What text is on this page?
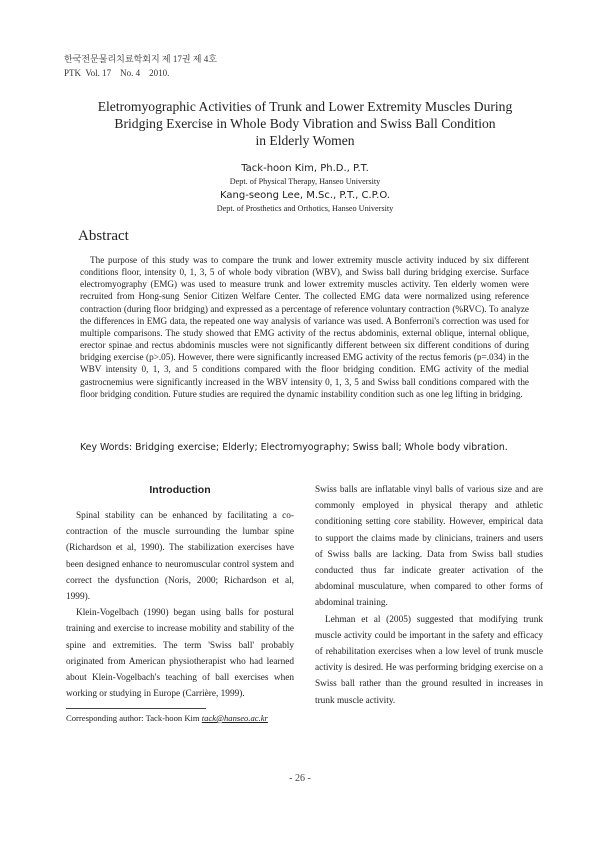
한국전문물리치료학회지 제 17권 제 4호
PTK  Vol. 17    No. 4    2010.
Eletromyographic Activities of Trunk and Lower Extremity Muscles During
Bridging Exercise in Whole Body Vibration and Swiss Ball Condition
in Elderly Women
Tack-hoon Kim, Ph.D., P.T.
Dept. of Physical Therapy, Hanseo University
Kang-seong Lee, M.Sc., P.T., C.P.O.
Dept. of Prosthetics and Orthotics, Hanseo University
Abstract

The purpose of this study was to compare the trunk and lower extremity muscle activity induced by six different conditions floor, intensity 0, 1, 3, 5 of whole body vibration (WBV), and Swiss ball during bridging exercise. Surface electromyography (EMG) was used to measure trunk and lower extremity muscles activity. Ten elderly women were recruited from Hong-sung Senior Citizen Welfare Center. The collected EMG data were normalized using reference contraction (during floor bridging) and expressed as a percentage of reference voluntary contraction (%RVC). To analyze the differences in EMG data, the repeated one way analysis of variance was used. A Bonferroni's correction was used for multiple comparisons. The study showed that EMG activity of the rectus abdominis, external oblique, internal oblique, erector spinae and rectus abdominis muscles were not significantly different between six different conditions of during bridging exercise (p>.05). However, there were significantly increased EMG activity of the rectus femoris (p=.034) in the WBV intensity 0, 1, 3, and 5 conditions compared with the floor bridging condition. EMG activity of the medial gastrocnemius were significantly increased in the WBV intensity 0, 1, 3, 5 and Swiss ball conditions compared with the floor bridging condition. Future studies are required the dynamic instability condition such as one leg lifting in bridging.

Key Words: Bridging exercise; Elderly; Electromyography; Swiss ball; Whole body vibration.
Introduction

Spinal stability can be enhanced by facilitating a co-contraction of the muscle surrounding the lumbar spine (Richardson et al, 1990). The stabilization exercises have been designed enhance to neuromuscular control system and correct the dysfunction (Noris, 2000; Richardson et al, 1999).

Klein-Vogelbach (1990) began using balls for postural training and exercise to increase mobility and stability of the spine and extremities. The term 'Swiss ball' probably originated from American physiotherapist who had learned about Klein-Vogelbach's teaching of ball exercises when working or studying in Europe (Carrière, 1999).

Swiss balls are inflatable vinyl balls of various size and are commonly employed in physical therapy and athletic conditioning setting core stability. However, empirical data to support the claims made by clinicians, trainers and users of Swiss balls are lacking. Data from Swiss ball studies conducted thus far indicate greater activation of the abdominal musculature, when compared to other forms of abdominal training.

Lehman et al (2005) suggested that modifying trunk muscle activity could be important in the safety and efficacy of rehabilitation exercises when a low level of trunk muscle activity is desired. He was performing bridging exercise on a Swiss ball rather than the ground resulted in increases in trunk muscle activity.

Corresponding author: Tack-hoon Kim tack@hanseo.ac.kr
- 26 -
